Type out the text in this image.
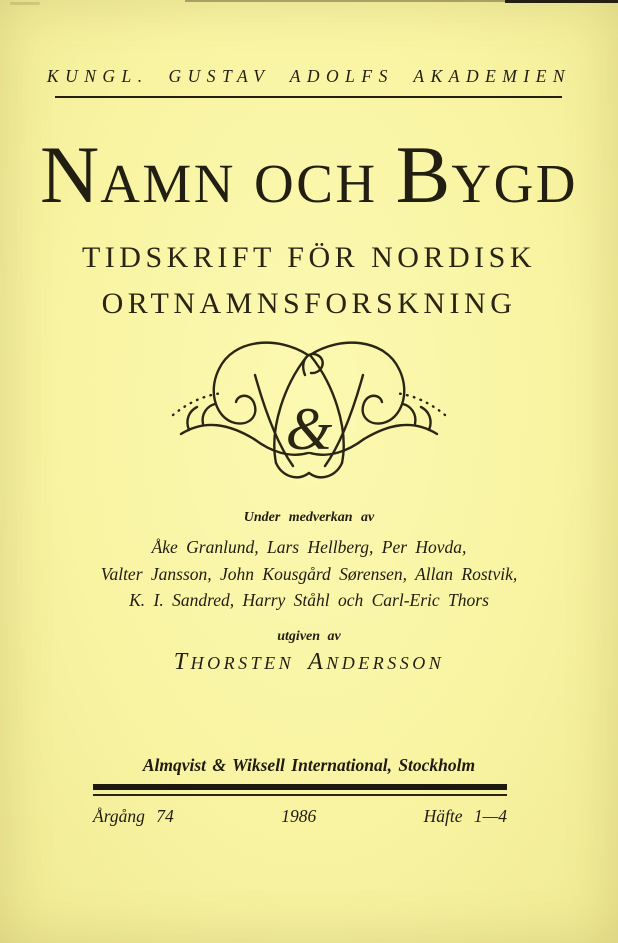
KUNGL. GUSTAV ADOLFS AKADEMIEN
N AMN OCH B YGD
TIDSKRIFT FÖR NORDISK
ORTNAMNSFORSKNING
&
Under medverkan av
Åke Granlund, Lars Hellberg, Per Hovda,
Valter Jansson, John Kousgård Sørensen, Allan Rostvik,
K. I. Sandred, Harry Ståhl och Carl-Eric Thors
utgiven av
T HORSTEN A NDERSSON
Almqvist & Wiksell International, Stockholm
Årgång 74	1986	Häfte 1—4
